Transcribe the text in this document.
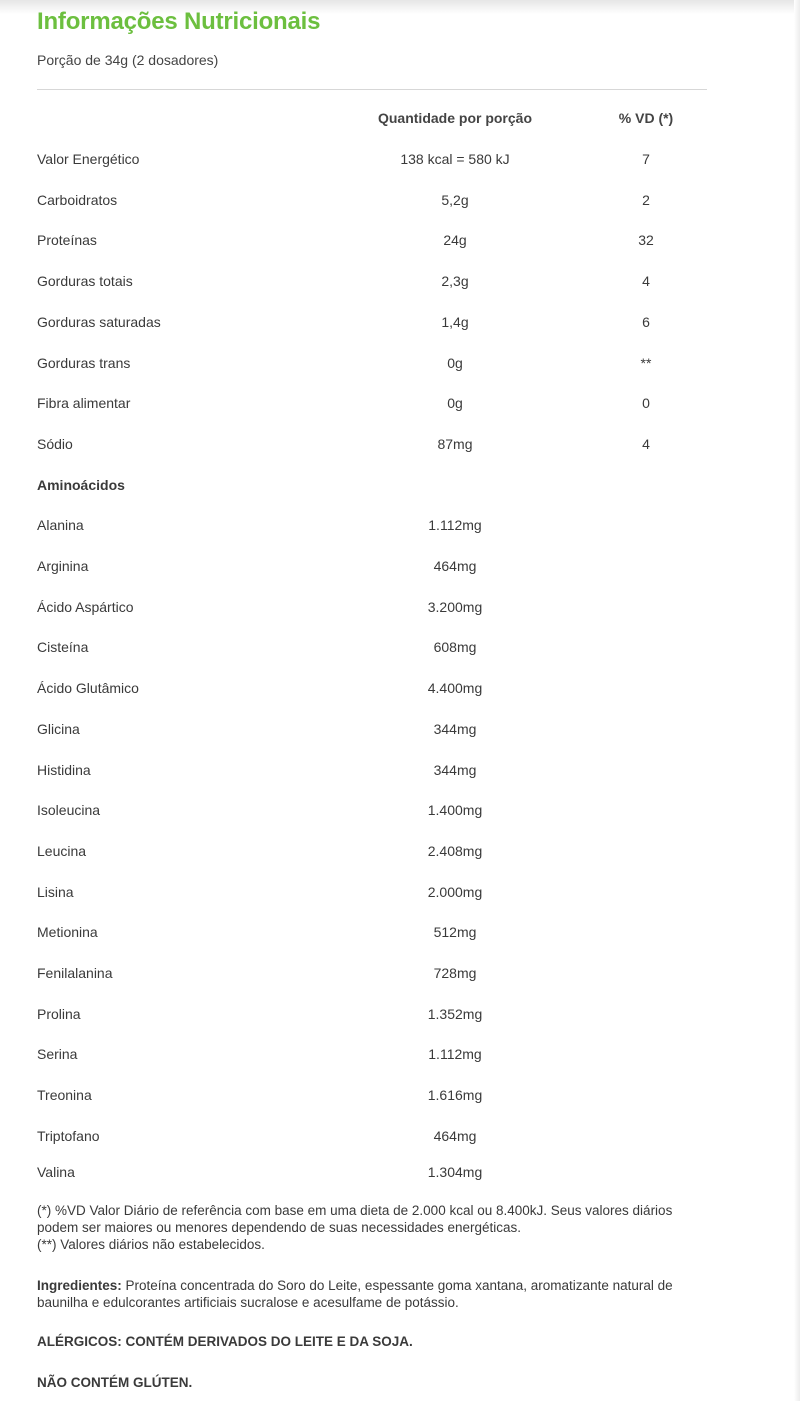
Informações Nutricionais
Porção de 34g (2 dosadores)
Quantidade por porção	% VD (*)
Valor Energético	138 kcal = 580 kJ	7
Carboidratos	5,2g	2
Proteínas	24g	32
Gorduras totais	2,3g	4
Gorduras saturadas	1,4g	6
Gorduras trans	0g	**
Fibra alimentar	0g	0
Sódio	87mg	4
Aminoácidos
Alanina	1.112mg
Arginina	464mg
Ácido Aspártico	3.200mg
Cisteína	608mg
Ácido Glutâmico	4.400mg
Glicina	344mg
Histidina	344mg
Isoleucina	1.400mg
Leucina	2.408mg
Lisina	2.000mg
Metionina	512mg
Fenilalanina	728mg
Prolina	1.352mg
Serina	1.112mg
Treonina	1.616mg
Triptofano	464mg
Valina	1.304mg
(*) %VD Valor Diário de referência com base em uma dieta de 2.000 kcal ou 8.400kJ. Seus valores diários podem ser maiores ou menores dependendo de suas necessidades energéticas.
(**) Valores diários não estabelecidos.
Ingredientes: Proteína concentrada do Soro do Leite, espessante goma xantana, aromatizante natural de baunilha e edulcorantes artificiais sucralose e acesulfame de potássio.
ALÉRGICOS: CONTÉM DERIVADOS DO LEITE E DA SOJA.
NÃO CONTÉM GLÚTEN.
